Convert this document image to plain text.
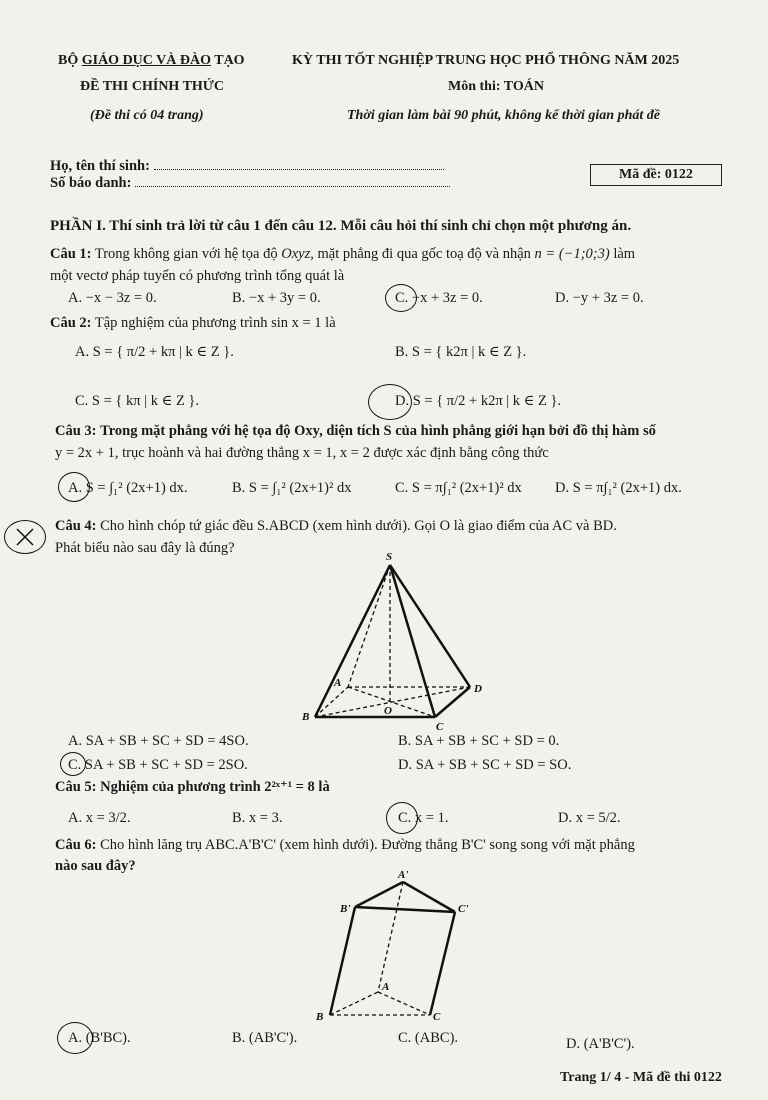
BỘ GIÁO DỤC VÀ ĐÀO TẠO	KỲ THI TỐT NGHIỆP TRUNG HỌC PHỔ THÔNG NĂM 2025
ĐỀ THI CHÍNH THỨC	Môn thi: TOÁN
(Đề thi có 04 trang)	Thời gian làm bài 90 phút, không kể thời gian phát đề
Họ, tên thí sinh:
Số báo danh:
Mã đề: 0122
PHẦN I. Thí sinh trả lời từ câu 1 đến câu 12. Mỗi câu hỏi thí sinh chỉ chọn một phương án.
Câu 1: Trong không gian với hệ tọa độ Oxyz, mặt phẳng đi qua gốc toạ độ và nhận n = (−1;0;3) làm
một vectơ pháp tuyến có phương trình tổng quát là
A. −x − 3z = 0.	B. −x + 3y = 0.	C. −x + 3z = 0.	D. −y + 3z = 0.
Câu 2: Tập nghiệm của phương trình sin x = 1 là
A. S = { π/2 + kπ | k ∈ Z }.	B. S = { k2π | k ∈ Z }.
C. S = { kπ | k ∈ Z }.	D. S = { π/2 + k2π | k ∈ Z }.
Câu 3: Trong mặt phẳng với hệ tọa độ Oxy, diện tích S của hình phẳng giới hạn bởi đồ thị hàm số
y = 2x + 1, trục hoành và hai đường thẳng x = 1, x = 2 được xác định bằng công thức
A. S = ∫₁² (2x+1) dx.	B. S = ∫₁² (2x+1)² dx	C. S = π∫₁² (2x+1)² dx D. S = π∫₁² (2x+1) dx.
Câu 4: Cho hình chóp tứ giác đều S.ABCD (xem hình dưới). Gọi O là giao điểm của AC và BD.
Phát biểu nào sau đây là đúng?
S
A
B
C
D
O
A'
B'	C'
A
B	C
A. SA + SB + SC + SD = 4SO.	B. SA + SB + SC + SD = 0.
C. SA + SB + SC + SD = 2SO.	D. SA + SB + SC + SD = SO.
Câu 5: Nghiệm của phương trình 2²ˣ⁺¹ = 8 là
A. x = 3/2.	B. x = 3.	C. x = 1.	D. x = 5/2.
Câu 6: Cho hình lăng trụ ABC.A'B'C' (xem hình dưới). Đường thẳng B'C' song song với mặt phẳng
nào sau đây?
A. (B'BC).	B. (AB'C').	C. (ABC).	D. (A'B'C').
Trang 1/ 4 - Mã đề thi 0122
